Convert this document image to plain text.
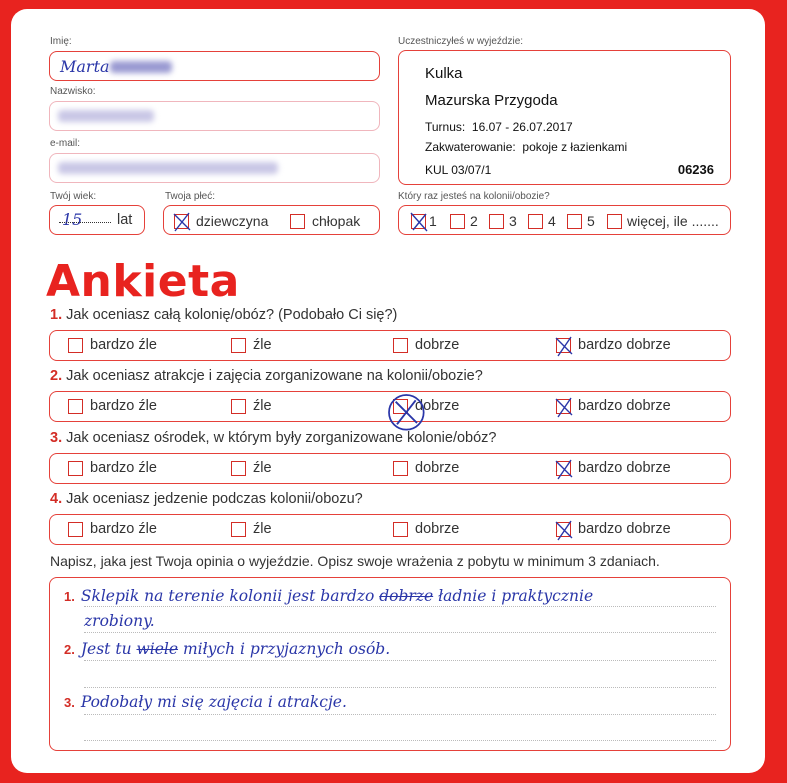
Imię:
Marta
Nazwisko:
e-mail:
Twój wiek:
15 lat
Twoja płeć:
dziewczyna	chłopak
Uczestniczyłeś w wyjeździe:
Kulka
Mazurska Przygoda
Turnus: 16.07 - 26.07.2017
Zakwaterowanie: pokoje z łazienkami
KUL 03/07/1	06236
Który raz jesteś na kolonii/obozie?
1	2	3	4	5	więcej, ile .......
Ankieta
1. Jak oceniasz całą kolonię/obóz? (Podobało Ci się?)
bardzo źle	źle	dobrze	bardzo dobrze
2. Jak oceniasz atrakcje i zajęcia zorganizowane na kolonii/obozie?
bardzo źle	źle	dobrze	bardzo dobrze
3. Jak oceniasz ośrodek, w którym były zorganizowane kolonie/obóz?
bardzo źle	źle	dobrze	bardzo dobrze
4. Jak oceniasz jedzenie podczas kolonii/obozu?
bardzo źle	źle	dobrze	bardzo dobrze
Napisz, jaka jest Twoja opinia o wyjeździe. Opisz swoje wrażenia z pobytu w minimum 3 zdaniach.
1. Sklepik na terenie kolonii jest bardzo dobrze ładnie i praktycznie
zrobiony.
2. Jest tu wiele miłych i przyjaznych osób.
3. Podobały mi się zajęcia i atrakcje.
